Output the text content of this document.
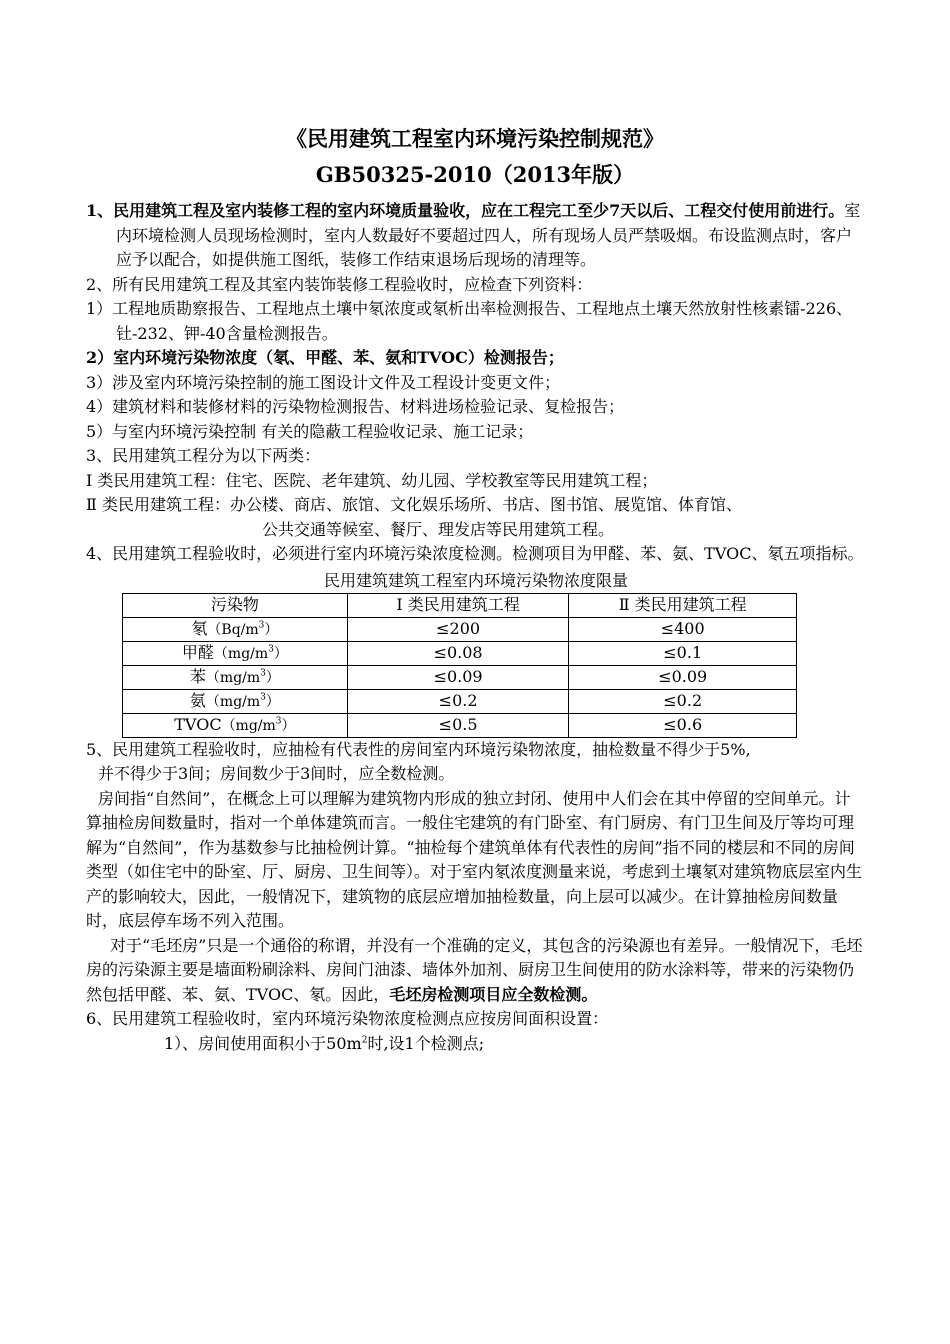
《民用建筑工程室内环境污染控制规范》
GB50325-2010（2013年版）

1、民用建筑工程及室内装修工程的室内环境质量验收，应在工程完工至少7天以后、工程交付使用前进行。室内环境检测人员现场检测时，室内人数最好不要超过四人，所有现场人员严禁吸烟。布设监测点时，客户应予以配合，如提供施工图纸，装修工作结束退场后现场的清理等。

2、所有民用建筑工程及其室内装饰装修工程验收时，应检查下列资料：

1）工程地质勘察报告、工程地点土壤中氡浓度或氡析出率检测报告、工程地点土壤天然放射性核素镭-226、钍-232、钾-40含量检测报告。

2）室内环境污染物浓度（氡、甲醛、苯、氨和TVOC）检测报告；

3）涉及室内环境污染控制的施工图设计文件及工程设计变更文件；

4）建筑材料和装修材料的污染物检测报告、材料进场检验记录、复检报告；

5）与室内环境污染控制 有关的隐蔽工程验收记录、施工记录；

3、民用建筑工程分为以下两类：

Ⅰ 类民用建筑工程：住宅、医院、老年建筑、幼儿园、学校教室等民用建筑工程；

Ⅱ 类民用建筑工程：办公楼、商店、旅馆、文化娱乐场所、书店、图书馆、展览馆、体育馆、

公共交通等候室、餐厅、理发店等民用建筑工程。

4、民用建筑工程验收时，必须进行室内环境污染浓度检测。检测项目为甲醛、苯、氨、TVOC、氡五项指标。

民用建筑建筑工程室内环境污染物浓度限量

污染物	Ⅰ 类民用建筑工程	Ⅱ 类民用建筑工程
氡$(Bq/m^3)$	≤200	≤400
甲醛$(mg/m^3)$	≤0.08	≤0.1
苯$(mg/m^3)$	≤0.09	≤0.09
氨$(mg/m^3)$	≤0.2	≤0.2
$TVOC(mg/m^3)$	≤0.5	≤0.6

5、民用建筑工程验收时，应抽检有代表性的房间室内环境污染物浓度，抽检数量不得少于5%,

并不得少于3间；房间数少于3间时，应全数检测。

房间指“自然间”，在概念上可以理解为建筑物内形成的独立封闭、使用中人们会在其中停留的空间单元。计算抽检房间数量时，指对一个单体建筑而言。一般住宅建筑的有门卧室、有门厨房、有门卫生间及厅等均可理解为“自然间”，作为基数参与比抽检例计算。“抽检每个建筑单体有代表性的房间”指不同的楼层和不同的房间类型（如住宅中的卧室、厅、厨房、卫生间等）。对于室内氡浓度测量来说，考虑到土壤氡对建筑物底层室内生产的影响较大，因此，一般情况下，建筑物的底层应增加抽检数量，向上层可以减少。在计算抽检房间数量时，底层停车场不列入范围。

对于“毛坯房”只是一个通俗的称谓，并没有一个准确的定义，其包含的污染源也有差异。一般情况下，毛坯房的污染源主要是墙面粉刷涂料、房间门油漆、墙体外加剂、厨房卫生间使用的防水涂料等，带来的污染物仍然包括甲醛、苯、氨、TVOC、氡。因此，毛坯房检测项目应全数检测。

6、民用建筑工程验收时，室内环境污染物浓度检测点应按房间面积设置：

1）、房间使用面积小于$50m^2$时,设1个检测点;
